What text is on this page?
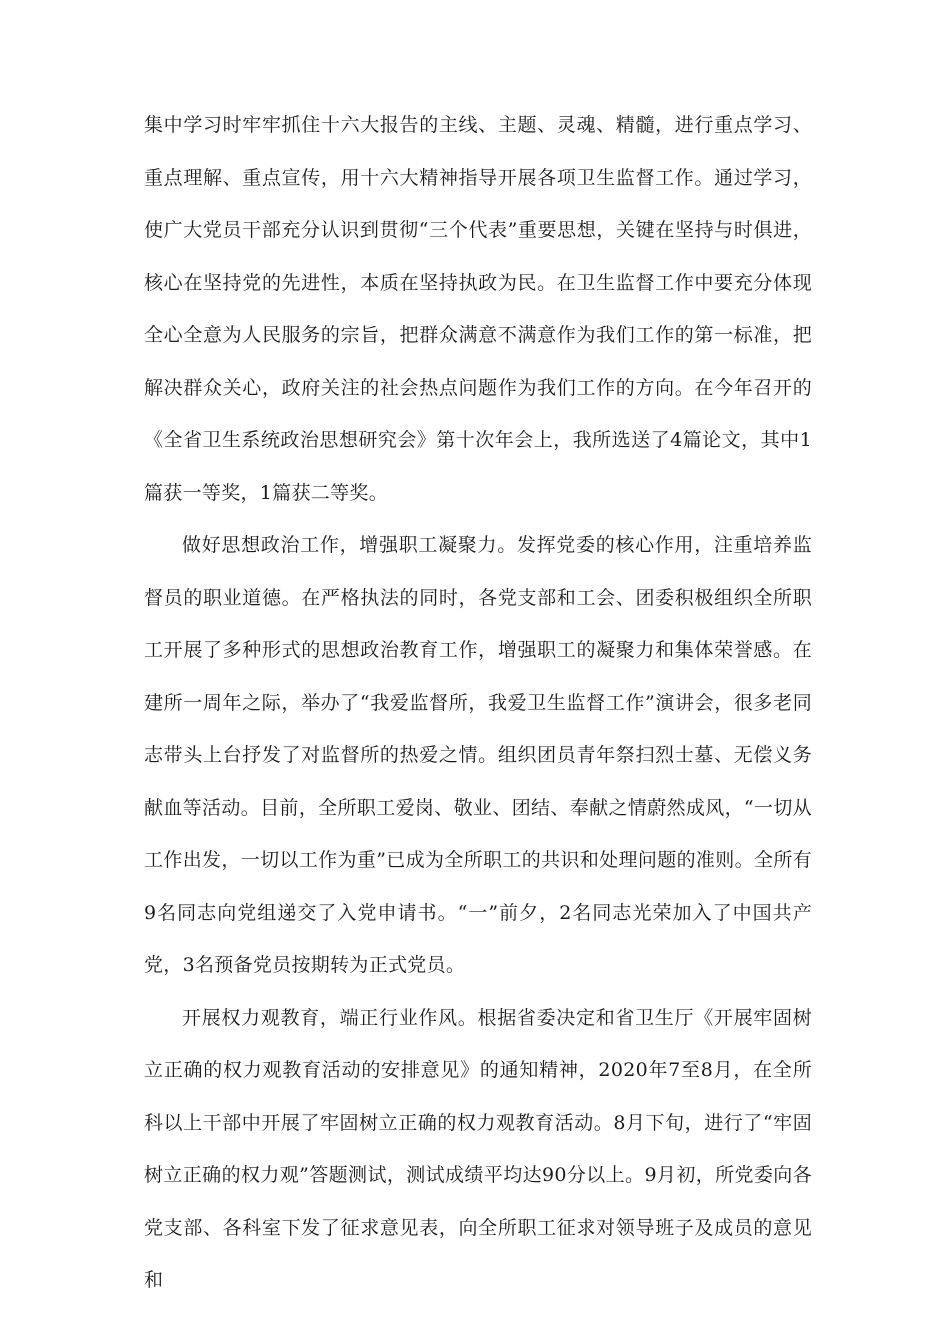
集中学习时牢牢抓住十六大报告的主线、主题、灵魂、精髓，进行重点学习、重点理解、重点宣传，用十六大精神指导开展各项卫生监督工作。通过学习，使广大党员干部充分认识到贯彻“三个代表”重要思想，关键在坚持与时俱进，核心在坚持党的先进性，本质在坚持执政为民。在卫生监督工作中要充分体现全心全意为人民服务的宗旨，把群众满意不满意作为我们工作的第一标准，把解决群众关心，政府关注的社会热点问题作为我们工作的方向。在今年召开的《全省卫生系统政治思想研究会》第十次年会上，我所选送了4篇论文，其中1篇获一等奖，1篇获二等奖。

做好思想政治工作，增强职工凝聚力。发挥党委的核心作用，注重培养监督员的职业道德。在严格执法的同时，各党支部和工会、团委积极组织全所职工开展了多种形式的思想政治教育工作，增强职工的凝聚力和集体荣誉感。在建所一周年之际，举办了“我爱监督所，我爱卫生监督工作”演讲会，很多老同志带头上台抒发了对监督所的热爱之情。组织团员青年祭扫烈士墓、无偿义务献血等活动。目前，全所职工爱岗、敬业、团结、奉献之情蔚然成风，“一切从工作出发，一切以工作为重”已成为全所职工的共识和处理问题的准则。全所有9名同志向党组递交了入党申请书。“一”前夕，2名同志光荣加入了中国共产党，3名预备党员按期转为正式党员。

开展权力观教育，端正行业作风。根据省委决定和省卫生厅《开展牢固树立正确的权力观教育活动的安排意见》的通知精神，2020年7至8月，在全所科以上干部中开展了牢固树立正确的权力观教育活动。8月下旬，进行了“牢固树立正确的权力观”答题测试，测试成绩平均达90分以上。9月初，所党委向各党支部、各科室下发了征求意见表，向全所职工征求对领导班子及成员的意见和
